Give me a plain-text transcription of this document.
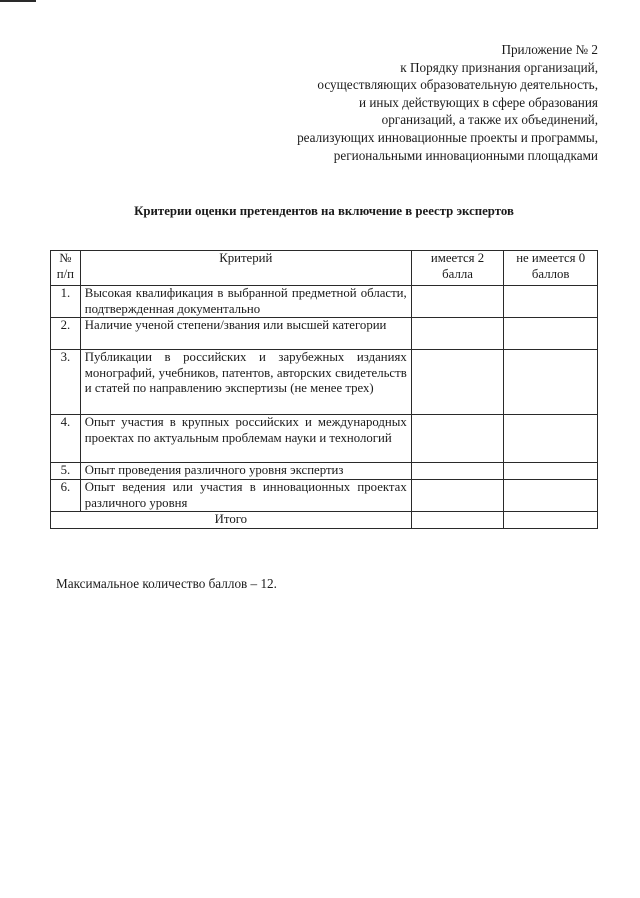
Приложение № 2
к Порядку признания организаций,
осуществляющих образовательную деятельность,
и иных действующих в сфере образования
организаций, а также их объединений,
реализующих инновационные проекты и программы,
региональными инновационными площадками
Критерии оценки претендентов на включение в реестр экспертов
№ п/п	Критерий	имеется 2 балла	не имеется 0 баллов
1.	Высокая квалификация в выбранной предметной области, подтвержденная документально		
2.	Наличие ученой степени/звания или высшей категории		
3.	Публикации в российских и зарубежных изданиях монографий, учебников, патентов, авторских свидетельств и статей по направлению экспертизы (не менее трех)		
4.	Опыт участия в крупных российских и международных проектах по актуальным проблемам науки и технологий		
5.	Опыт проведения различного уровня экспертиз		
6.	Опыт ведения или участия в инновационных проектах различного уровня		
Итого			
Максимальное количество баллов – 12.
